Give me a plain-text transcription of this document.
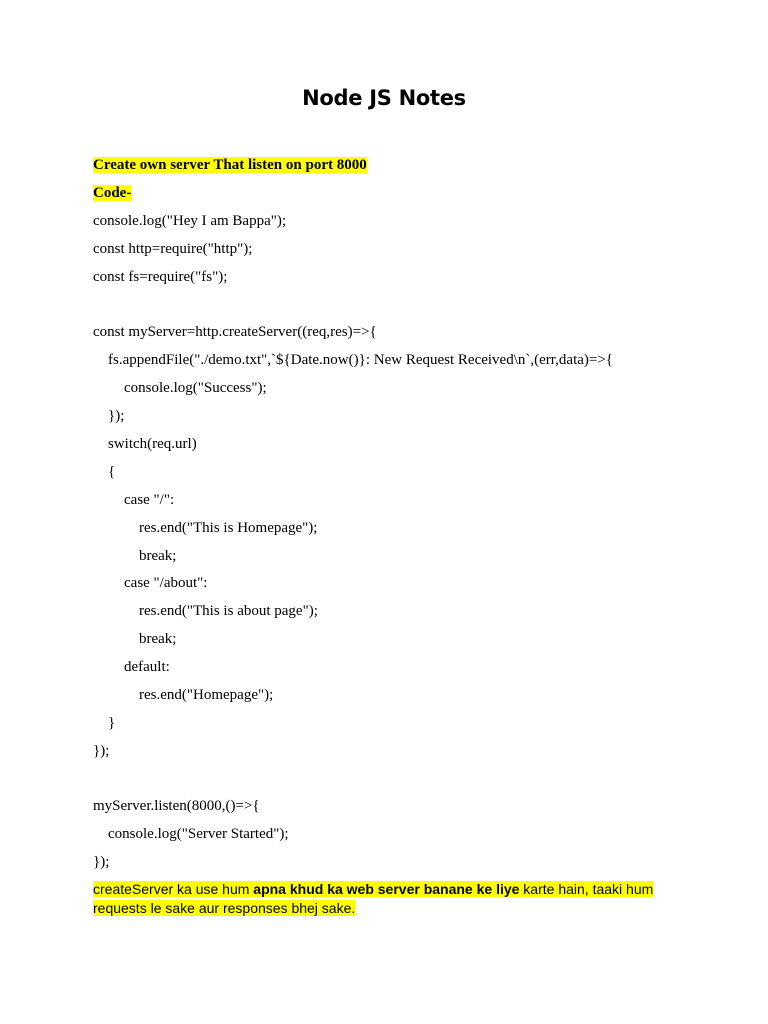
Node JS Notes
Create own server That listen on port 8000
Code-
console.log("Hey I am Bappa");
const http=require("http");
const fs=require("fs");
const myServer=http.createServer((req,res)=>{
fs.appendFile("./demo.txt",`${Date.now()}: New Request Received\n`,(err,data)=>{
console.log("Success");
});
switch(req.url)
{
case "/":
res.end("This is Homepage");
break;
case "/about":
res.end("This is about page");
break;
default:
res.end("Homepage");
}
});
myServer.listen(8000,()=>{
console.log("Server Started");
});
createServer ka use hum apna khud ka web server banane ke liye karte hain, taaki hum requests le sake aur responses bhej sake.
